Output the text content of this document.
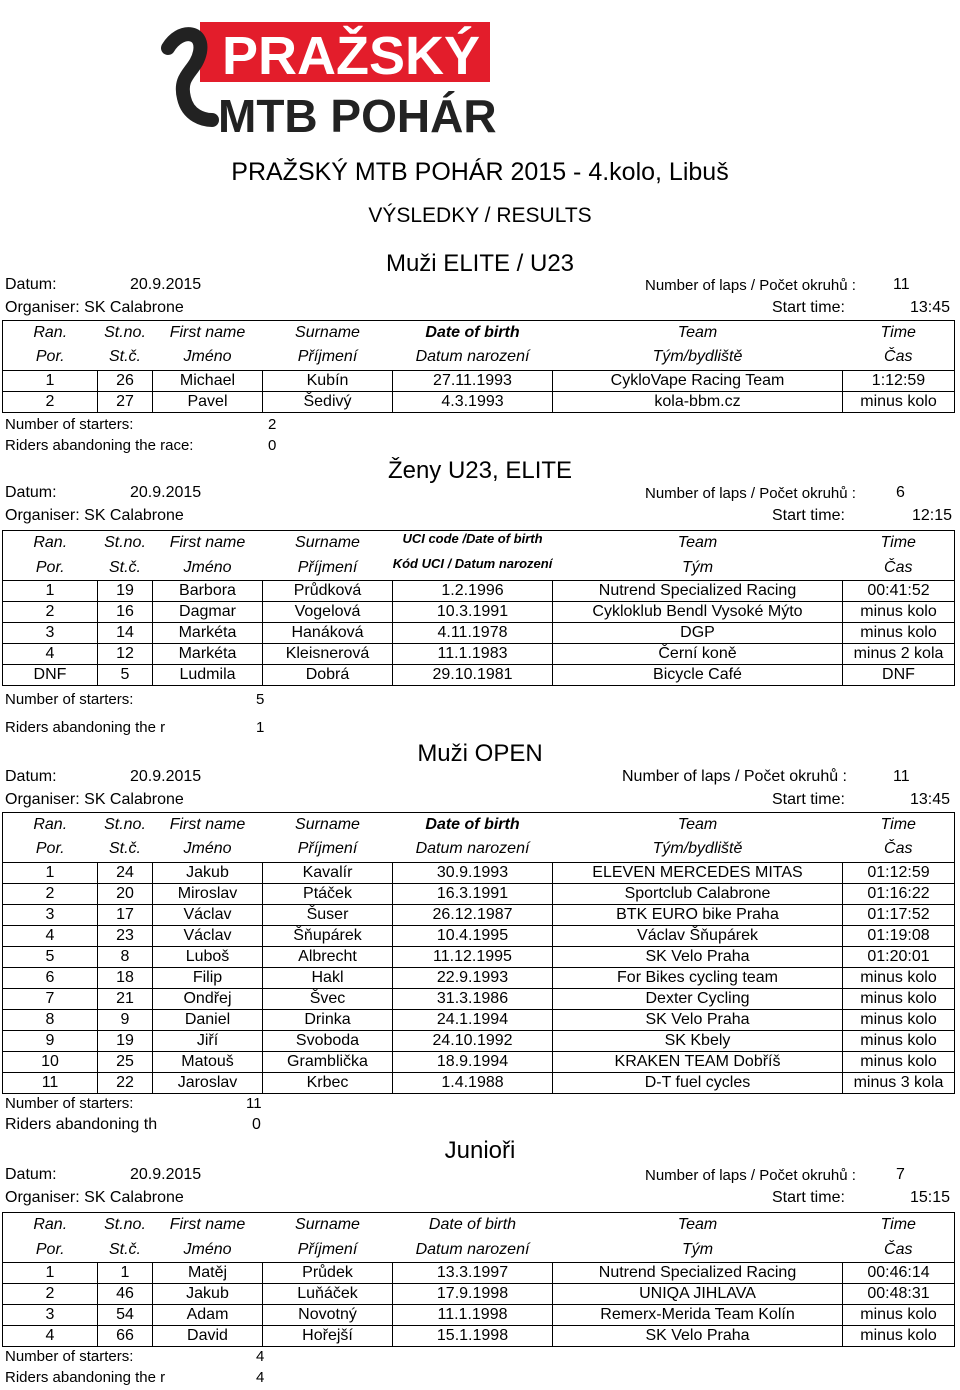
PRAŽSKÝ
MTB POHÁR
PRAŽSKÝ MTB POHÁR 2015 - 4.kolo, Libuš
VÝSLEDKY / RESULTS
Muži ELITE / U23
Datum:	20.9.2015	Number of laps / Počet okruhů : 11
Organiser: SK Calabrone	Start time:	13:45
Ran.	St.no.	First name	Surname	Date of birth	Team	Time
Por.	St.č.	Jméno	Příjmení	Datum narození	Tým/bydliště	Čas
1	26	Michael	Kubín	27.11.1993	CykloVape Racing Team	1:12:59
2	27	Pavel	Šedivý	4.3.1993	kola-bbm.cz	minus kolo
Number of starters:	2
Riders abandoning the race:	0
Ženy U23, ELITE
Datum:	20.9.2015	Number of laps / Počet okruhů :	6
Organiser: SK Calabrone	Start time:	12:15
Ran.	St.no.	First name	Surname	UCI code /Date of birth	Team	Time
Por.	St.č.	Jméno	Příjmení	Kód UCI / Datum narození	Tým	Čas
1	19	Barbora	Průdková	1.2.1996	Nutrend Specialized Racing	00:41:52
2	16	Dagmar	Vogelová	10.3.1991	Cykloklub Bendl Vysoké Mýto	minus kolo
3	14	Markéta	Hanáková	4.11.1978	DGP	minus kolo
4	12	Markéta	Kleisnerová	11.1.1983	Černí koně	minus 2 kola
DNF	5	Ludmila	Dobrá	29.10.1981	Bicycle Café	DNF
Number of starters:	5
Riders abandoning the r	1
Muži OPEN
Datum:	20.9.2015	Number of laps / Počet okruhů :	11
Organiser: SK Calabrone	Start time:	13:45
Ran.	St.no.	First name	Surname	Date of birth	Team	Time
Por.	St.č.	Jméno	Příjmení	Datum narození	Tým/bydliště	Čas
1	24	Jakub	Kavalír	30.9.1993	ELEVEN MERCEDES MITAS	01:12:59
2	20	Miroslav	Ptáček	16.3.1991	Sportclub Calabrone	01:16:22
3	17	Václav	Šuser	26.12.1987	BTK EURO bike Praha	01:17:52
4	23	Václav	Šňupárek	10.4.1995	Václav Šňupárek	01:19:08
5	8	Luboš	Albrecht	11.12.1995	SK Velo Praha	01:20:01
6	18	Filip	Hakl	22.9.1993	For Bikes cycling team	minus kolo
7	21	Ondřej	Švec	31.3.1986	Dexter Cycling	minus kolo
8	9	Daniel	Drinka	24.1.1994	SK Velo Praha	minus kolo
9	19	Jiří	Svoboda	24.10.1992	SK Kbely	minus kolo
10	25	Matouš	Gramblička	18.9.1994	KRAKEN TEAM Dobříš	minus kolo
11	22	Jaroslav	Krbec	1.4.1988	D-T fuel cycles	minus 3 kola
Number of starters:	11
Riders abandoning th	0
Junioři
Datum:	20.9.2015	Number of laps / Počet okruhů :	7
Organiser: SK Calabrone	Start time:	15:15
Ran.	St.no.	First name	Surname	Date of birth	Team	Time
Por.	St.č.	Jméno	Příjmení	Datum narození	Tým	Čas
1	1	Matěj	Průdek	13.3.1997	Nutrend Specialized Racing	00:46:14
2	46	Jakub	Luňáček	17.9.1998	UNIQA JIHLAVA	00:48:31
3	54	Adam	Novotný	11.1.1998	Remerx-Merida Team Kolín	minus kolo
4	66	David	Hořejší	15.1.1998	SK Velo Praha	minus kolo
Number of starters:	4
Riders abandoning the r	4
